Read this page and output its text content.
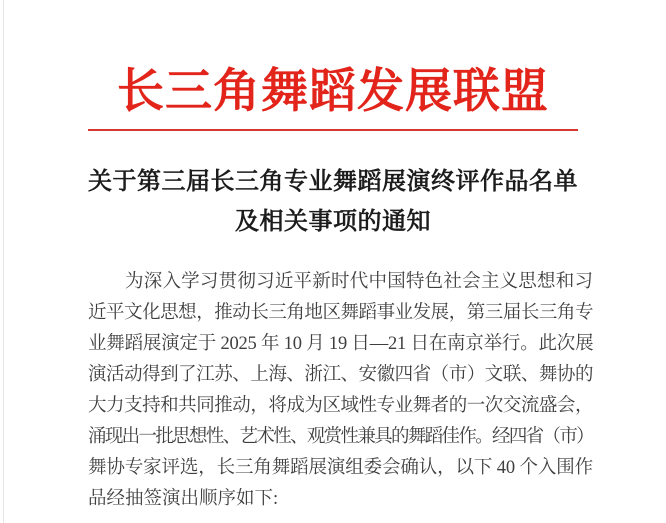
长三角舞蹈发展联盟
关于第三届长三角专业舞蹈展演终评作品名单
及相关事项的通知
为深入学习贯彻习近平新时代中国特色社会主义思想和习
近平文化思想，推动长三角地区舞蹈事业发展，第三届长三角专
业舞蹈展演定于 2025 年 10 月 19 日—21 日在南京举行。此次展
演活动得到了江苏、上海、浙江、安徽四省（市）文联、舞协的
大力支持和共同推动，将成为区域性专业舞者的一次交流盛会，
涌现出一批思想性、艺术性、观赏性兼具的舞蹈佳作。经四省（市）
舞协专家评选，长三角舞蹈展演组委会确认，以下 40 个入围作
品经抽签演出顺序如下:
